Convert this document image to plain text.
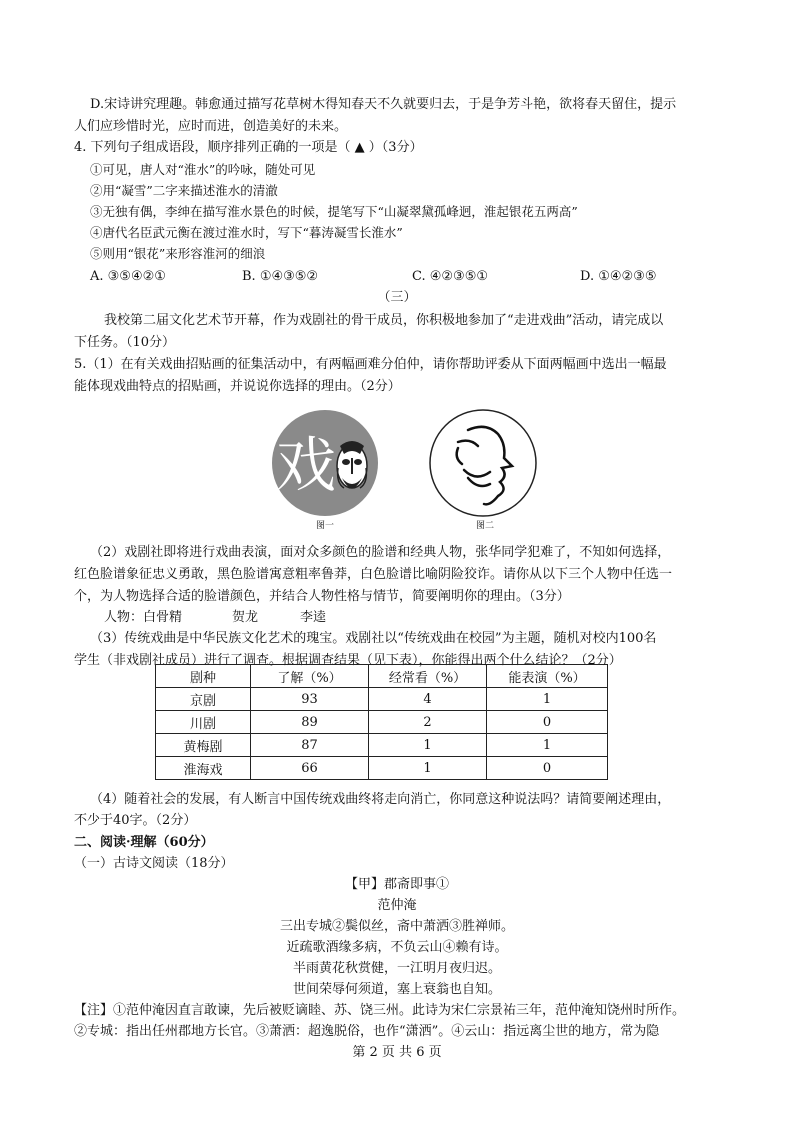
D.宋诗讲究理趣。韩愈通过描写花草树木得知春天不久就要归去，于是争芳斗艳，欲将春天留住，提示
人们应珍惜时光，应时而进，创造美好的未来。
4. 下列句子组成语段，顺序排列正确的一项是（ ▲ ）（3分）
①可见，唐人对“淮水”的吟咏，随处可见
②用“凝雪”二字来描述淮水的清澈
③无独有偶，李绅在描写淮水景色的时候，提笔写下“山凝翠黛孤峰迥，淮起银花五两高”
④唐代名臣武元衡在渡过淮水时，写下“暮涛凝雪长淮水”
⑤则用“银花”来形容淮河的细浪
A. ③⑤④②①	B. ①④③⑤②	C. ④②③⑤①	D. ①④②③⑤
（三）
我校第二届文化艺术节开幕，作为戏剧社的骨干成员，你积极地参加了“走进戏曲”活动，请完成以
下任务。（10分）
5.（1）在有关戏曲招贴画的征集活动中，有两幅画难分伯仲，请你帮助评委从下面两幅画中选出一幅最
能体现戏曲特点的招贴画，并说说你选择的理由。（2分）
戏
图一	图二
（2）戏剧社即将进行戏曲表演，面对众多颜色的脸谱和经典人物，张华同学犯难了，不知如何选择，
红色脸谱象征忠义勇敢，黑色脸谱寓意粗率鲁莽，白色脸谱比喻阴险狡诈。请你从以下三个人物中任选一
个，为人物选择合适的脸谱颜色，并结合人物性格与情节，简要阐明你的理由。（3分）
人物：白骨精	贺龙	李逵
（3）传统戏曲是中华民族文化艺术的瑰宝。戏剧社以“传统戏曲在校园”为主题，随机对校内100名
学生（非戏剧社成员）进行了调查。根据调查结果（见下表），你能得出两个什么结论？（2分）
剧种	了解（%）	经常看（%）	能表演（%）
京剧	93	4	1
川剧	89	2	0
黄梅剧	87	1	1
淮海戏	66	1	0
（4）随着社会的发展，有人断言中国传统戏曲终将走向消亡，你同意这种说法吗？请简要阐述理由，
不少于40字。（2分）
二、阅读·理解（60分）
（一）古诗文阅读（18分）
【甲】郡斋即事①
范仲淹
三出专城②鬓似丝，斋中萧洒③胜禅师。
近疏歌酒缘多病，不负云山④赖有诗。
半雨黄花秋赏健，一江明月夜归迟。
世间荣辱何须道，塞上衰翁也自知。
【注】①范仲淹因直言敢谏，先后被贬谪睦、苏、饶三州。此诗为宋仁宗景祐三年，范仲淹知饶州时所作。
②专城：指出任州郡地方长官。③萧洒：超逸脱俗，也作“潇洒”。④云山：指远离尘世的地方，常为隐
第 2 页 共 6 页
